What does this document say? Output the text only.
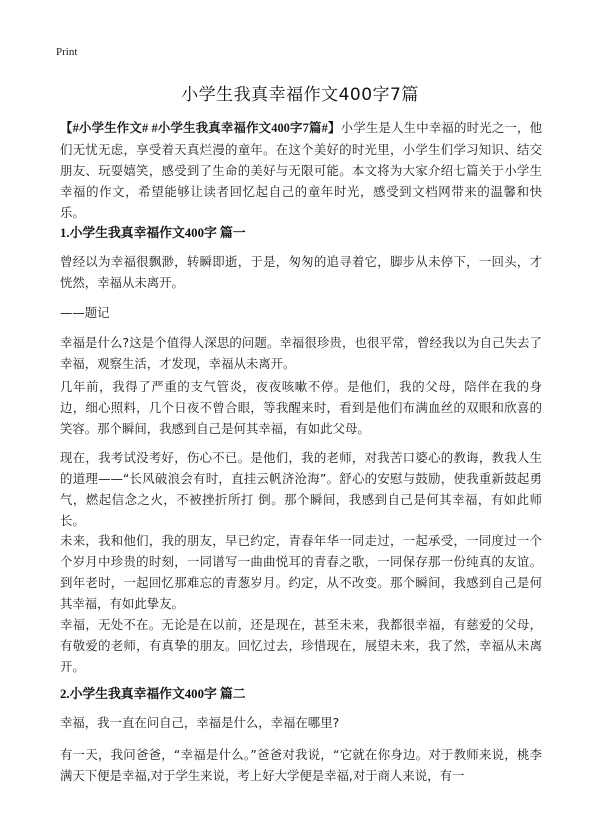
Print
小学生我真幸福作文400字7篇
【#小学生作文# #小学生我真幸福作文400字7篇#】小学生是人生中幸福的时光之一，他们无忧无虑，享受着天真烂漫的童年。在这个美好的时光里，小学生们学习知识、结交朋友、玩耍嬉笑，感受到了生命的美好与无限可能。本文将为大家介绍七篇关于小学生幸福的作文，希望能够让读者回忆起自己的童年时光，感受到文档网带来的温馨和快乐。
1.小学生我真幸福作文400字 篇一
曾经以为幸福很飘渺，转瞬即逝，于是，匆匆的追寻着它，脚步从未停下，一回头，才恍然，幸福从未离开。
——题记
幸福是什么?这是个值得人深思的问题。幸福很珍贵，也很平常，曾经我以为自己失去了幸福，观察生活，才发现，幸福从未离开。
几年前，我得了严重的支气管炎，夜夜咳嗽不停。是他们，我的父母，陪伴在我的身边，细心照料，几个日夜不曾合眼，等我醒来时，看到是他们布满血丝的双眼和欣喜的笑容。那个瞬间，我感到自己是何其幸福，有如此父母。
现在，我考试没考好，伤心不已。是他们，我的老师，对我苦口婆心的教诲，教我人生的道理——“长风破浪会有时，直挂云帆济沧海”。舒心的安慰与鼓励，使我重新鼓起勇气，燃起信念之火，不被挫折所打 倒。那个瞬间，我感到自己是何其幸福，有如此师长。
未来，我和他们，我的朋友，早已约定，青春年华一同走过，一起承受，一同度过一个个岁月中珍贵的时刻，一同谱写一曲曲悦耳的青春之歌，一同保存那一份纯真的友谊。到年老时，一起回忆那难忘的青葱岁月。约定，从不改变。那个瞬间，我感到自己是何其幸福，有如此挚友。
幸福，无处不在。无论是在以前，还是现在，甚至未来，我都很幸福，有慈爱的父母，有敬爱的老师，有真挚的朋友。回忆过去，珍惜现在，展望未来，我了然，幸福从未离开。
2.小学生我真幸福作文400字 篇二
幸福，我一直在问自己，幸福是什么，幸福在哪里?
有一天，我问爸爸，“幸福是什么。”爸爸对我说，“它就在你身边。对于教师来说，桃李满天下便是幸福,对于学生来说，考上好大学便是幸福,对于商人来说，有一
